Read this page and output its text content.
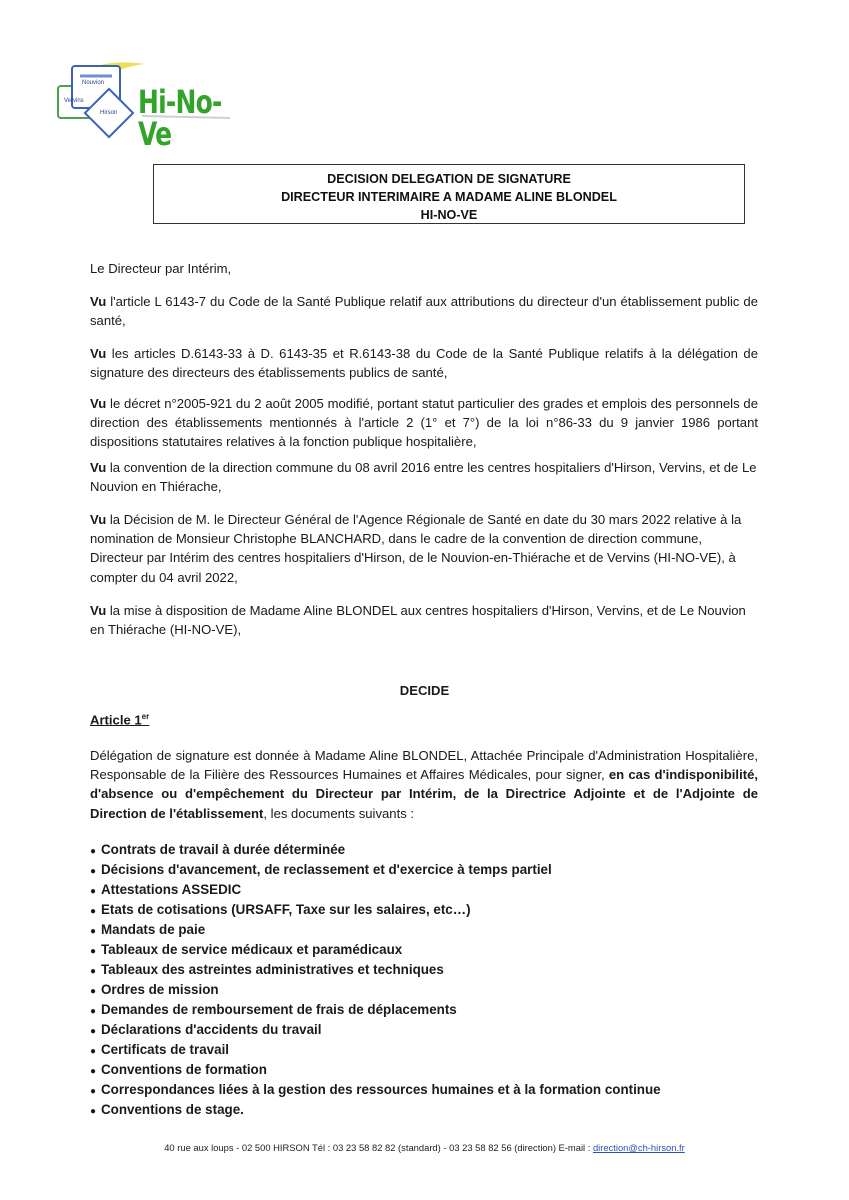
Hi-No-Ve
Vervins
Nouvion
Hirson
DECISION DELEGATION DE SIGNATURE
DIRECTEUR INTERIMAIRE A MADAME ALINE BLONDEL
HI-NO-VE
Le Directeur par Intérim,
Vu l'article L 6143-7 du Code de la Santé Publique relatif aux attributions du directeur d'un établissement public de santé,
Vu les articles D.6143-33 à D. 6143-35 et R.6143-38 du Code de la Santé Publique relatifs à la délégation de signature des directeurs des établissements publics de santé,
Vu le décret n°2005-921 du 2 août 2005 modifié, portant statut particulier des grades et emplois des personnels de direction des établissements mentionnés à l'article 2 (1° et 7°) de la loi n°86-33 du 9 janvier 1986 portant dispositions statutaires relatives à la fonction publique hospitalière,
Vu la convention de la direction commune du 08 avril 2016 entre les centres hospitaliers d'Hirson, Vervins, et de Le Nouvion en Thiérache,
Vu la Décision de M. le Directeur Général de l'Agence Régionale de Santé en date du 30 mars 2022 relative à la nomination de Monsieur Christophe BLANCHARD, dans le cadre de la convention de direction commune, Directeur par Intérim des centres hospitaliers d'Hirson, de le Nouvion-en-Thiérache et de Vervins (HI-NO-VE), à compter du 04 avril 2022,
Vu la mise à disposition de Madame Aline BLONDEL aux centres hospitaliers d'Hirson, Vervins, et de Le Nouvion en Thiérache (HI-NO-VE),
DECIDE
Article 1er
Délégation de signature est donnée à Madame Aline BLONDEL, Attachée Principale d'Administration Hospitalière, Responsable de la Filière des Ressources Humaines et Affaires Médicales, pour signer, en cas d'indisponibilité, d'absence ou d'empêchement du Directeur par Intérim, de la Directrice Adjointe et de l'Adjointe de Direction de l'établissement, les documents suivants :
● Contrats de travail à durée déterminée
● Décisions d'avancement, de reclassement et d'exercice à temps partiel
● Attestations ASSEDIC
● Etats de cotisations (URSAFF, Taxe sur les salaires, etc…)
● Mandats de paie
● Tableaux de service médicaux et paramédicaux
● Tableaux des astreintes administratives et techniques
● Ordres de mission
● Demandes de remboursement de frais de déplacements
● Déclarations d'accidents du travail
● Certificats de travail
● Conventions de formation
● Correspondances liées à la gestion des ressources humaines et à la formation continue
● Conventions de stage.
40 rue aux loups - 02 500 HIRSON Tél : 03 23 58 82 82 (standard) - 03 23 58 82 56 (direction) E-mail : direction@ch-hirson.fr
